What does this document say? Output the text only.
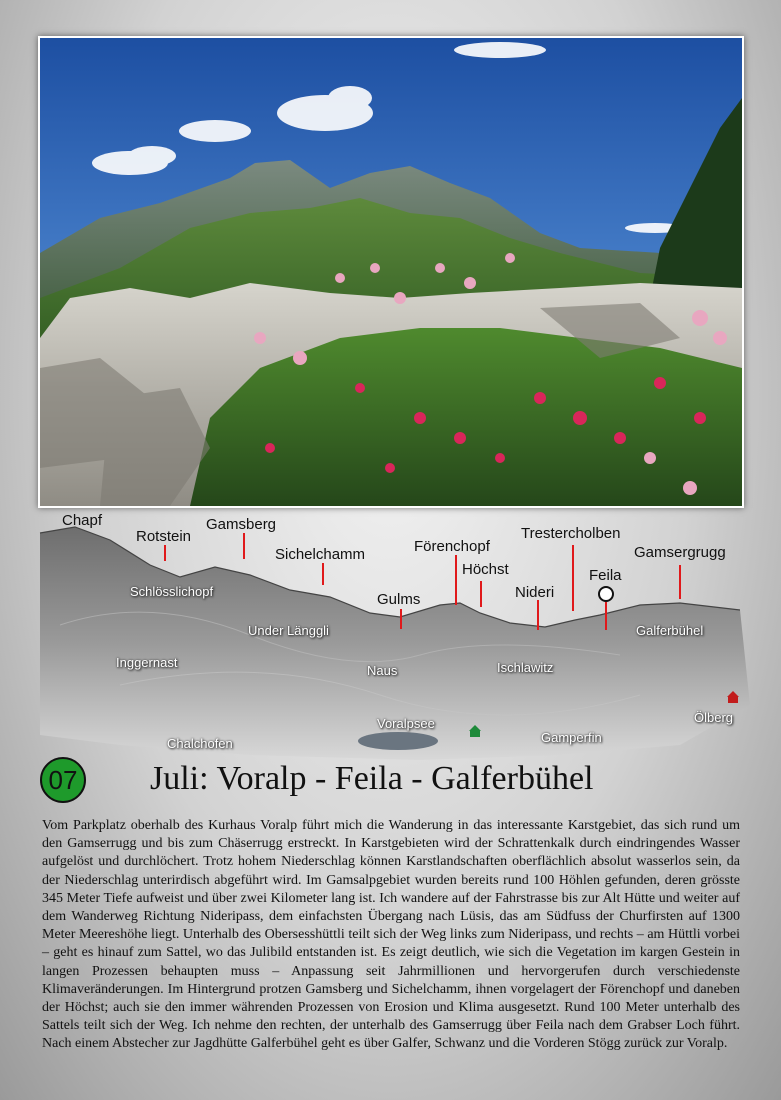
Chapf
Rotstein
Gamsberg
Sichelchamm	Förenchopf
Höchst
Trestercholben
Gamsergrugg
Gulms	Nideri
Feila
Schlösslichopf
Under Länggli
Inggernast
Naus	Ischlawitz
Galferbühel
Voralpsee	Ölberg
Chalchofen	Gamperfin
07 Juli: Voralp - Feila - Galferbühel
Vom Parkplatz oberhalb des Kurhaus Voralp führt mich die Wanderung in das interessante Karstgebiet, das sich rund um den Gamserrugg und bis zum Chäserrugg erstreckt. In Karstgebieten wird der Schrattenkalk durch eindringendes Wasser aufgelöst und durchlöchert. Trotz hohem Niederschlag können Karstlandschaften oberflächlich absolut wasserlos sein, da der Niederschlag unterirdisch abgeführt wird. Im Gamsalpgebiet wurden bereits rund 100 Höhlen gefunden, deren grösste 345 Meter Tiefe aufweist und über zwei Kilometer lang ist. Ich wandere auf der Fahrstrasse bis zur Alt Hütte und weiter auf dem Wanderweg Richtung Nideripass, dem einfachsten Übergang nach Lüsis, das am Südfuss der Churfirsten auf 1300 Meter Meereshöhe liegt. Unterhalb des Obersesshüttli teilt sich der Weg links zum Nideripass, und rechts – am Hüttli vorbei – geht es hinauf zum Sattel, wo das Julibild entstanden ist. Es zeigt deutlich, wie sich die Vegetation im kargen Gestein in langen Prozessen behaupten muss – Anpassung seit Jahrmillionen und hervorgerufen durch verschiedenste Klimaveränderungen. Im Hintergrund protzen Gamsberg und Sichelchamm, ihnen vorgelagert der Förenchopf und daneben der Höchst; auch sie den immer währenden Prozessen von Erosion und Klima ausgesetzt. Rund 100 Meter unterhalb des Sattels teilt sich der Weg. Ich nehme den rechten, der unterhalb des Gamserrugg über Feila nach dem Grabser Loch führt. Nach einem Abstecher zur Jagdhütte Galferbühel geht es über Galfer, Schwanz und die Vorderen Stögg zurück zur Voralp.
